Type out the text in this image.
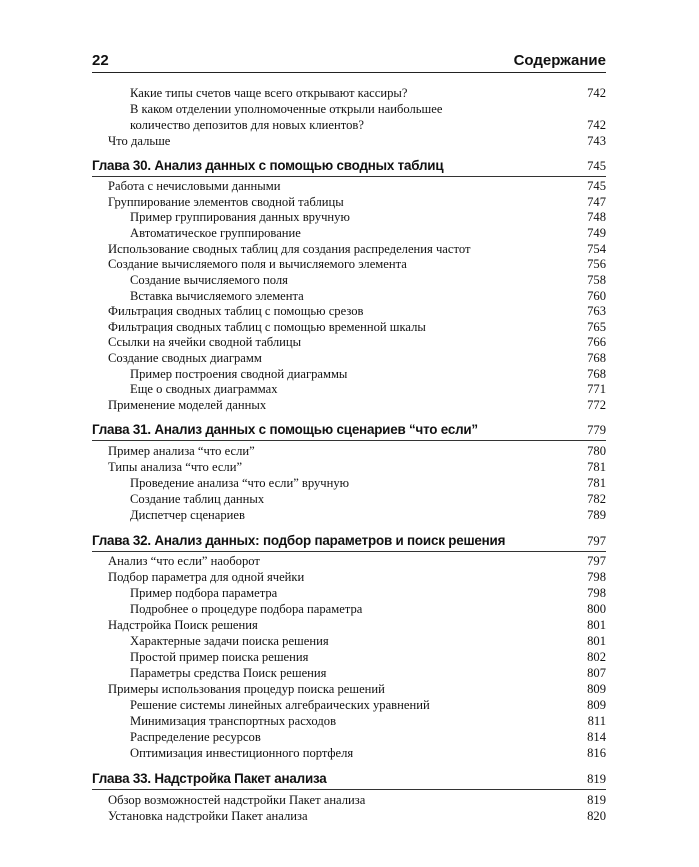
22	Содержание
Какие типы счетов чаще всего открывают кассиры?	742
В каком отделении уполномоченные открыли наибольшее
количество депозитов для новых клиентов?	742
Что дальше	743
Глава 30. Анализ данных с помощью сводных таблиц	745
Работа с нечисловыми данными	745
Группирование элементов сводной таблицы	747
Пример группирования данных вручную	748
Автоматическое группирование	749
Использование сводных таблиц для создания распределения частот	754
Создание вычисляемого поля и вычисляемого элемента	756
Создание вычисляемого поля	758
Вставка вычисляемого элемента	760
Фильтрация сводных таблиц с помощью срезов	763
Фильтрация сводных таблиц с помощью временной шкалы	765
Ссылки на ячейки сводной таблицы	766
Создание сводных диаграмм	768
Пример построения сводной диаграммы	768
Еще о сводных диаграммах	771
Применение моделей данных	772
Глава 31. Анализ данных с помощью сценариев “что если”	779
Пример анализа “что если”	780
Типы анализа “что если”	781
Проведение анализа “что если” вручную	781
Создание таблиц данных	782
Диспетчер сценариев	789
Глава 32. Анализ данных: подбор параметров и поиск решения	797
Анализ “что если” наоборот	797
Подбор параметра для одной ячейки	798
Пример подбора параметра	798
Подробнее о процедуре подбора параметра	800
Надстройка Поиск решения	801
Характерные задачи поиска решения	801
Простой пример поиска решения	802
Параметры средства Поиск решения	807
Примеры использования процедур поиска решений	809
Решение системы линейных алгебраических уравнений	809
Минимизация транспортных расходов	811
Распределение ресурсов	814
Оптимизация инвестиционного портфеля	816
Глава 33. Надстройка Пакет анализа	819
Обзор возможностей надстройки Пакет анализа	819
Установка надстройки Пакет анализа	820
